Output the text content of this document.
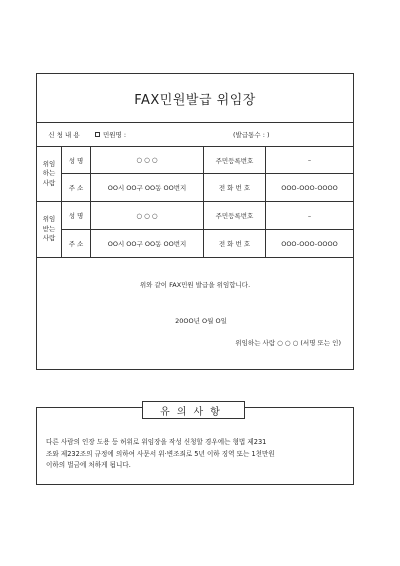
FAX민원발급 위임장
신 청 내 용	민원명 :	(발급통수 : )
위임
하는
사람
성 명	○ ○ ○	주민등록번호	–
주 소	OO시 OO구 OO동 OO번지	전 화 번 호	OOO-OOO-OOOO
위임
받는
사람
성 명	○ ○ ○	주민등록번호	–
주 소	OO시 OO구 OO동 OO번지	전 화 번 호	OOO-OOO-OOOO
위와 같이 FAX민원 발급을 위임합니다.
20OO년 O월 O일
위임하는 사람 ○ ○ ○ (서명 또는 인)
유의사항
다른 사람의 인장 도용 등 허위로 위임장을 작성 신청할 경우에는 형법 제231
조와 제232조의 규정에 의하여 사문서 위·변조죄로 5년 이하 징역 또는 1천만원
이하의 벌금에 처하게 됩니다.
